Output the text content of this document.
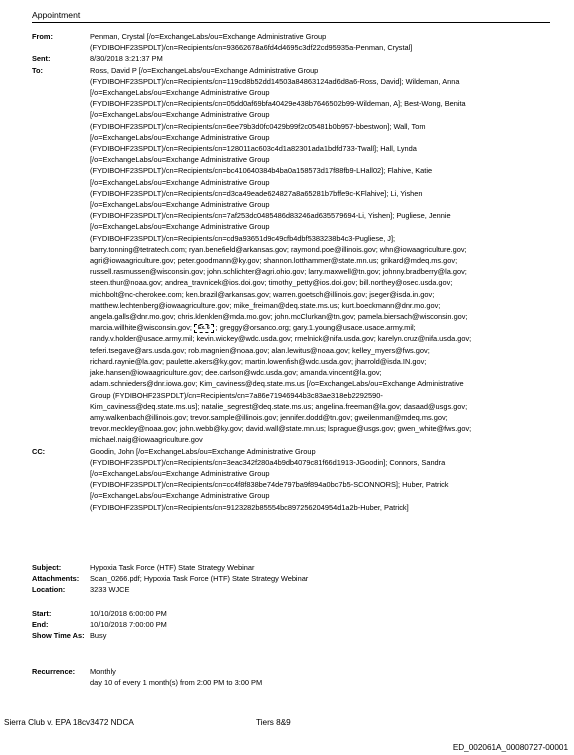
Appointment
From:	Penman, Crystal [/o=ExchangeLabs/ou=Exchange Administrative Group
(FYDIBOHF23SPDLT)/cn=Recipients/cn=93662678a6fd4d4695c3df22cd95935a-Penman, Crystal]
Sent:	8/30/2018 3:21:37 PM
To:	Ross, David P [/o=ExchangeLabs/ou=Exchange Administrative Group
(FYDIBOHF23SPDLT)/cn=Recipients/cn=119cd8b52dd14503a84863124ad6d8a6-Ross, David]; Wildeman, Anna
[/o=ExchangeLabs/ou=Exchange Administrative Group
(FYDIBOHF23SPDLT)/cn=Recipients/cn=05dd0af69bfa40429e438b7646502b99-Wildeman, A]; Best-Wong, Benita
[/o=ExchangeLabs/ou=Exchange Administrative Group
(FYDIBOHF23SPDLT)/cn=Recipients/cn=6ee79b3d0fc0429b99f2c05481b0b957-bbestwon]; Wall, Tom
[/o=ExchangeLabs/ou=Exchange Administrative Group
(FYDIBOHF23SPDLT)/cn=Recipients/cn=128011ac603c4d1a82301ada1bdfd733-Twall]; Hall, Lynda
[/o=ExchangeLabs/ou=Exchange Administrative Group
(FYDIBOHF23SPDLT)/cn=Recipients/cn=bc410640384b4ba0a158573d17f88fb9-LHall02]; Flahive, Katie
[/o=ExchangeLabs/ou=Exchange Administrative Group
(FYDIBOHF23SPDLT)/cn=Recipients/cn=d3ca49eade624827a8a65281b7bffe9c-KFlahive]; Li, Yishen
[/o=ExchangeLabs/ou=Exchange Administrative Group
(FYDIBOHF23SPDLT)/cn=Recipients/cn=7af253dc0485486d83246ad635579694-Li, Yishen]; Pugliese, Jennie
[/o=ExchangeLabs/ou=Exchange Administrative Group
(FYDIBOHF23SPDLT)/cn=Recipients/cn=cd9a93651d9c49cfb4dbf5383238b4c3-Pugliese, J];
barry.tonning@tetratech.com; ryan.benefield@arkansas.gov; raymond.poe@illinois.gov; whn@iowaagriculture.gov;
agri@iowaagriculture.gov; peter.goodmann@ky.gov; shannon.lotthammer@state.mn.us; grikard@mdeq.ms.gov;
russell.rasmussen@wisconsin.gov; john.schlichter@agri.ohio.gov; larry.maxwell@tn.gov; johnny.bradberry@la.gov;
steen.thur@noaa.gov; andrea_travnicek@ios.doi.gov; timothy_petty@ios.doi.gov; bill.northey@osec.usda.gov;
michbolt@nc-cherokee.com; ken.brazil@arkansas.gov; warren.goetsch@illinois.gov; jseger@isda.in.gov;
matthew.lechtenberg@iowaagriculture.gov; mike_freiman@deq.state.ms.us; kurt.boeckmann@dnr.mo.gov;
angela.galls@dnr.mo.gov; chris.klenklen@mda.mo.gov; john.mcClurkan@tn.gov; pamela.biersach@wisconsin.gov;
marcia.willhite@wisconsin.gov; Ex. 6 ; greggy@orsanco.org; gary.1.young@usace.usace.army.mil;
randy.v.holder@usace.army.mil; kevin.wickey@wdc.usda.gov; rmelnick@nifa.usda.gov; karelyn.cruz@nifa.usda.gov;
teferi.tsegave@ars.usda.gov; rob.magnien@noaa.gov; alan.lewitus@noaa.gov; kelley_myers@fws.gov;
richard.raynie@la.gov; paulette.akers@ky.gov; martin.lowenfish@wdc.usda.gov; jharrold@isda.IN.gov;
jake.hansen@iowaagriculture.gov; dee.carlson@wdc.usda.gov; amanda.vincent@la.gov;
adam.schnieders@dnr.iowa.gov; Kim_caviness@deq.state.ms.us [/o=ExchangeLabs/ou=Exchange Administrative
Group (FYDIBOHF23SPDLT)/cn=Recipients/cn=7a86e71946944b3c83ae318eb2292590-
Kim_caviness@deq.state.ms.us]; natalie_segrest@deq.state.ms.us; angelina.freeman@la.gov; dasaad@usgs.gov;
amy.walkenbach@illinois.gov; trevor.sample@illinois.gov; jennifer.dodd@tn.gov; gweilenman@mdeq.ms.gov;
trevor.meckley@noaa.gov; john.webb@ky.gov; david.wall@state.mn.us; lsprague@usgs.gov; gwen_white@fws.gov;
michael.naig@iowaagriculture.gov
CC:	Goodin, John [/o=ExchangeLabs/ou=Exchange Administrative Group
(FYDIBOHF23SPDLT)/cn=Recipients/cn=3eac342f280a4b9db4079c81f66d1913-JGoodin]; Connors, Sandra
[/o=ExchangeLabs/ou=Exchange Administrative Group
(FYDIBOHF23SPDLT)/cn=Recipients/cn=cc4f8f838be74de797ba9f894a0bc7b5-SCONNORS]; Huber, Patrick
[/o=ExchangeLabs/ou=Exchange Administrative Group
(FYDIBOHF23SPDLT)/cn=Recipients/cn=9123282b85554bc897256204954d1a2b-Huber, Patrick]
Subject:	Hypoxia Task Force (HTF) State Strategy Webinar
Attachments:	Scan_0266.pdf; Hypoxia Task Force (HTF) State Strategy Webinar
Location:	3233 WJCE
Start:	10/10/2018 6:00:00 PM
End:	10/10/2018 7:00:00 PM
Show Time As: Busy
Recurrence:	Monthly
day 10 of every 1 month(s) from 2:00 PM to 3:00 PM
Sierra Club v. EPA 18cv3472 NDCA	Tiers 8&9
ED_002061A_00080727-00001
